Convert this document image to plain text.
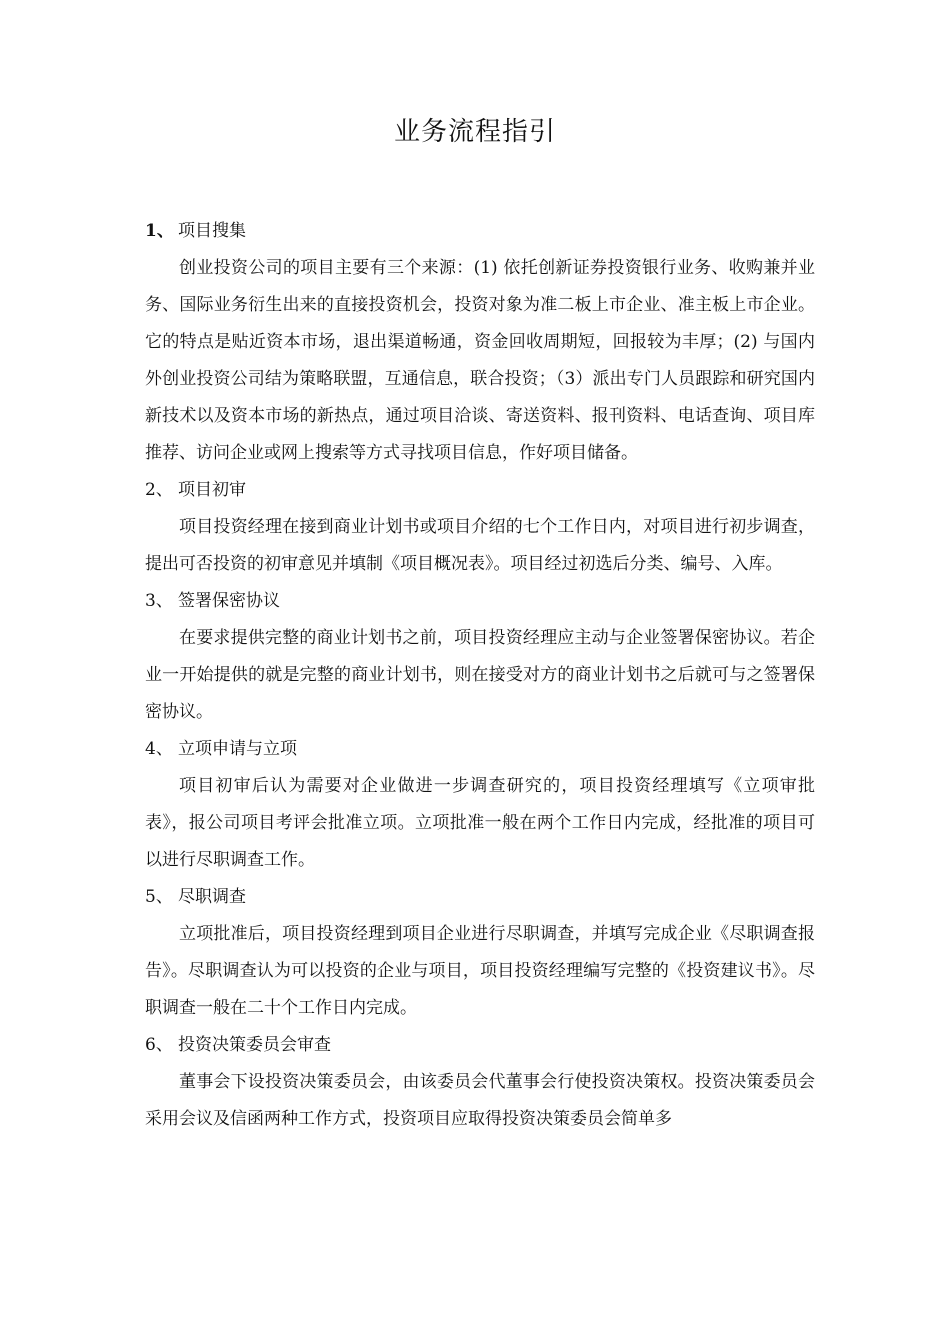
业务流程指引
1、 项目搜集

创业投资公司的项目主要有三个来源：(1) 依托创新证券投资银行业务、收购兼并业务、国际业务衍生出来的直接投资机会，投资对象为准二板上市企业、准主板上市企业。它的特点是贴近资本市场，退出渠道畅通，资金回收周期短，回报较为丰厚；(2) 与国内外创业投资公司结为策略联盟，互通信息，联合投资；（3）派出专门人员跟踪和研究国内新技术以及资本市场的新热点，通过项目洽谈、寄送资料、报刊资料、电话查询、项目库推荐、访问企业或网上搜索等方式寻找项目信息，作好项目储备。

2、 项目初审

项目投资经理在接到商业计划书或项目介绍的七个工作日内，对项目进行初步调查，提出可否投资的初审意见并填制《项目概况表》。项目经过初选后分类、编号、入库。

3、 签署保密协议

在要求提供完整的商业计划书之前，项目投资经理应主动与企业签署保密协议。若企业一开始提供的就是完整的商业计划书，则在接受对方的商业计划书之后就可与之签署保密协议。

4、 立项申请与立项

项目初审后认为需要对企业做进一步调查研究的，项目投资经理填写《立项审批表》，报公司项目考评会批准立项。立项批准一般在两个工作日内完成，经批准的项目可以进行尽职调查工作。

5、 尽职调查

立项批准后，项目投资经理到项目企业进行尽职调查，并填写完成企业《尽职调查报告》。尽职调查认为可以投资的企业与项目，项目投资经理编写完整的《投资建议书》。尽职调查一般在二十个工作日内完成。

6、 投资决策委员会审查

董事会下设投资决策委员会，由该委员会代董事会行使投资决策权。投资决策委员会采用会议及信函两种工作方式，投资项目应取得投资决策委员会简单多
